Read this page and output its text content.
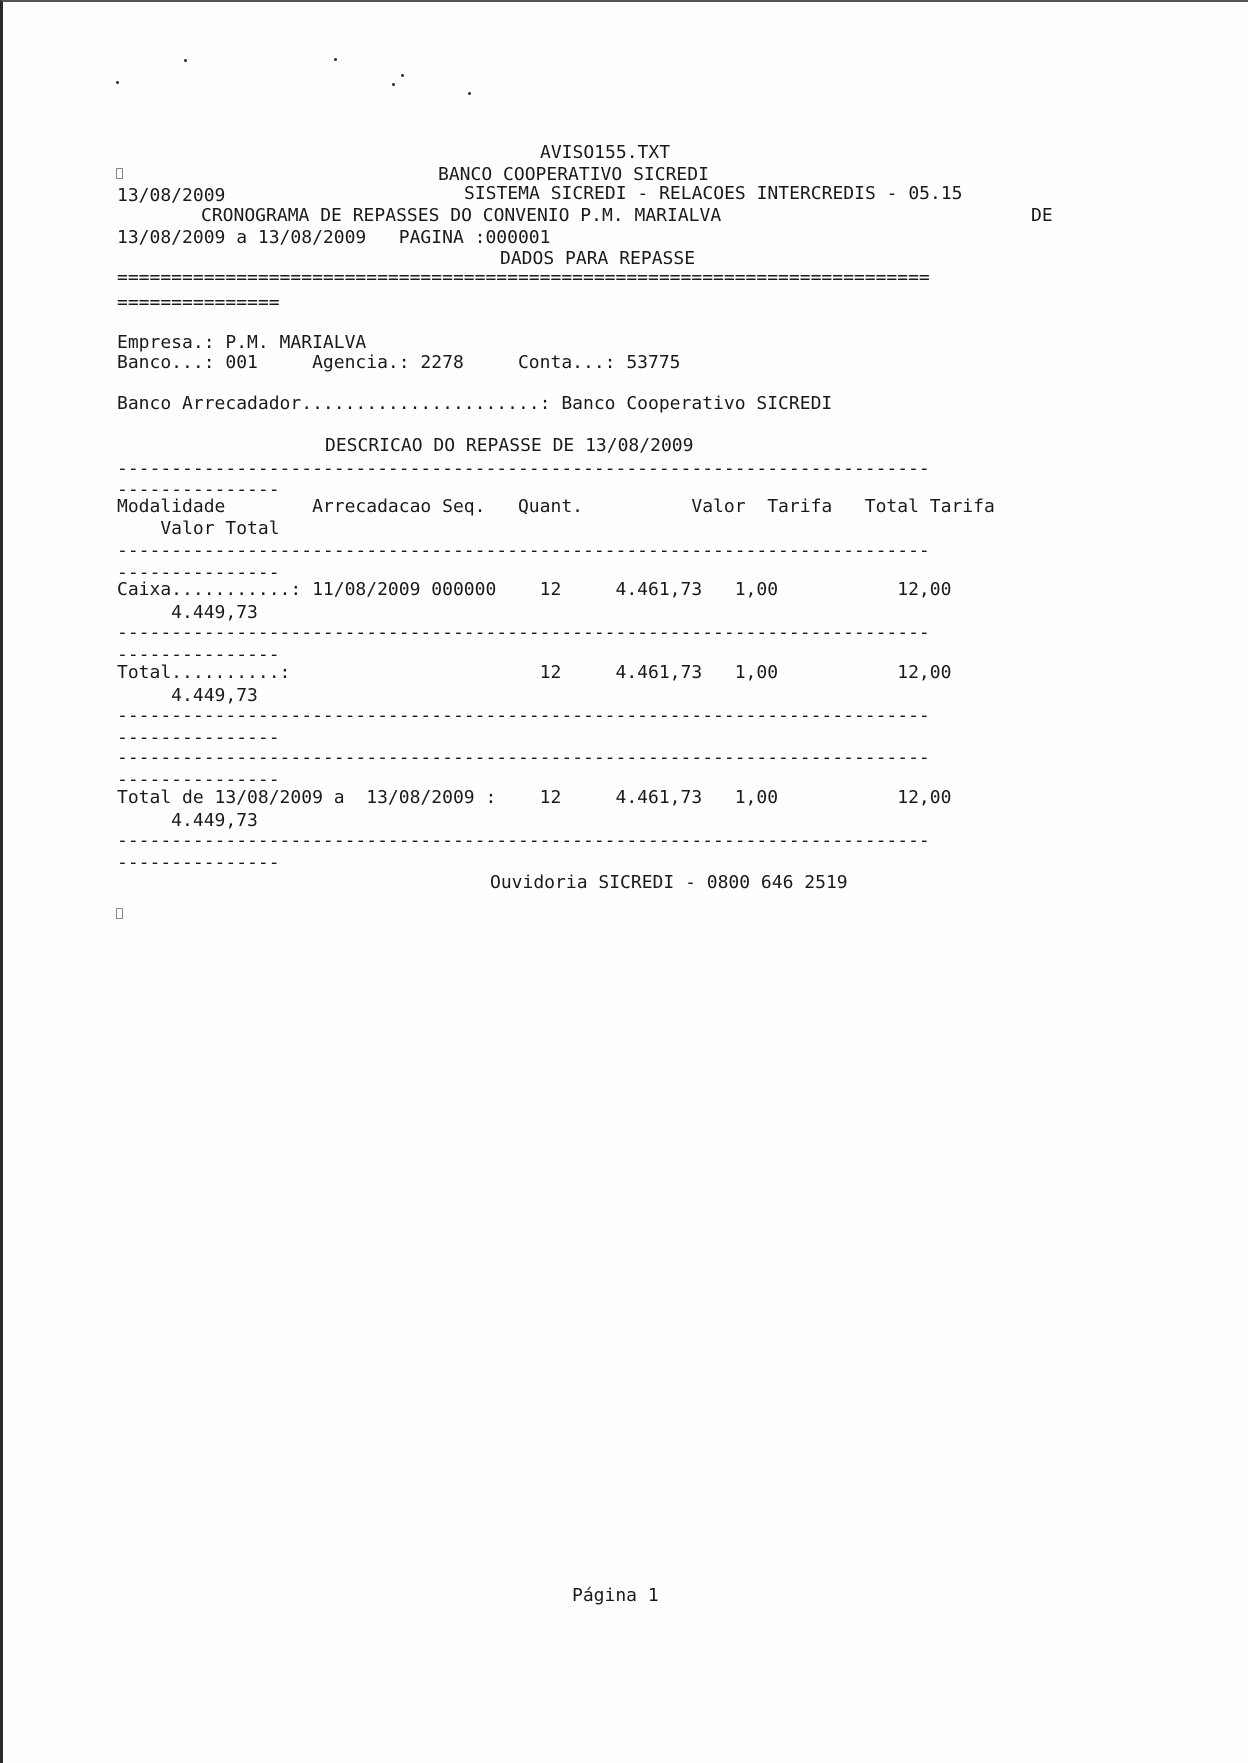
AVISO155.TXT
BANCO COOPERATIVO SICREDI
13/08/2009	SISTEMA SICREDI - RELACOES INTERCREDIS - 05.15
CRONOGRAMA DE REPASSES DO CONVENIO P.M. MARIALVA	DE
13/08/2009 a 13/08/2009   PAGINA :000001
DADOS PARA REPASSE
===========================================================================
===============
Empresa.: P.M. MARIALVA
Banco...: 001     Agencia.: 2278     Conta...: 53775
Banco Arrecadador......................: Banco Cooperativo SICREDI
DESCRICAO DO REPASSE DE 13/08/2009
---------------------------------------------------------------------------
---------------
Modalidade        Arrecadacao Seq.   Quant.          Valor  Tarifa   Total Tarifa
Valor Total
---------------------------------------------------------------------------
---------------
Caixa...........: 11/08/2009 000000    12     4.461,73   1,00           12,00
4.449,73
---------------------------------------------------------------------------
---------------
Total..........:                       12     4.461,73   1,00           12,00
4.449,73
---------------------------------------------------------------------------
---------------
---------------------------------------------------------------------------
---------------
Total de 13/08/2009 a  13/08/2009 :    12     4.461,73   1,00           12,00
4.449,73
---------------------------------------------------------------------------
---------------
Ouvidoria SICREDI - 0800 646 2519
Página 1
